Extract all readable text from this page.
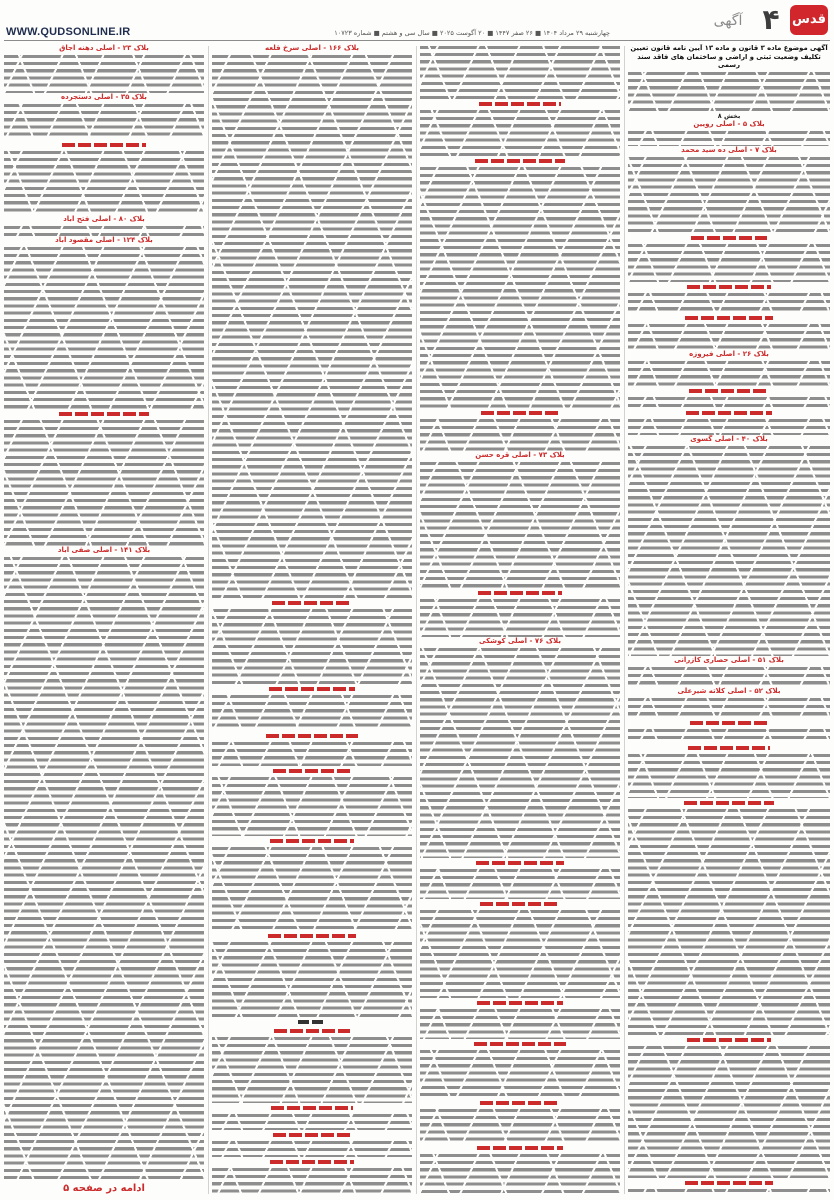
قدس
۴
آگهی
WWW.QUDSONLINE.IR	چهارشنبه ۲۹ مرداد ۱۴۰۴ ■ ۲۶ صفر ۱۴۴۷ ■ ۲۰ آگوست ۲۰۲۵ ■ سال سی و هشتم ■ شماره ۱۰۷۲۳
آگهی موضوع ماده ۳ قانون و ماده ۱۳ آیین نامه قانون تعیین تکلیف وضعیت ثبتی و اراضی و ساختمان های فاقد سند رسمی
بخش ۸
بلاک ۵ - اصلی رویین
بلاک ۷ - اصلی ده سید محمد
بلاک ۲۶ - اصلی فیروزه
بلاک ۴۰ - اصلی گسوی
بلاک ۵۱ - اصلی حصاری کازرانی
بلاک ۵۲ - اصلی کلاته شیرعلی
بلاک ۷۳ - اصلی قره حسن
بلاک ۷۶ - اصلی کوشکی
بلاک ۱۶۶ - اصلی سرخ قلعه
بلاک ۲۳ - اصلی دهنه اجاق
بلاک ۳۵ - اصلی دستجرده
بلاک ۸۰ - اصلی فتح آباد
بلاک ۱۲۴ - اصلی مقصود آباد
بلاک ۱۴۱ - اصلی صفی آباد
ادامه در صفحه ۵
